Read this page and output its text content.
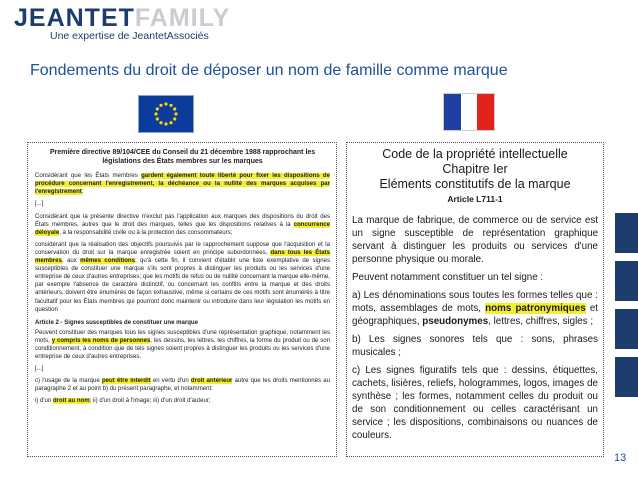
JEANTETFAMILY
Une expertise de JeantetAssociés
Fondements du droit de déposer un nom de famille comme marque
Première directive 89/104/CEE du Conseil du 21 décembre 1988 rapprochant les législations des États membres sur les marques

Considérant que les États membres gardent également toute liberté pour fixer les dispositions de procédure concernant l'enregistrement, la déchéance ou la nullité des marques acquises par l'enregistrement;

[...]

Considérant que la présente directive n'exclut pas l'application aux marques des dispositions du droit des États membres, autres que le droit des marques, telles que les dispositions relatives à la concurrence déloyale, à la responsabilité civile ou à la protection des consommateurs;

considérant que la réalisation des objectifs poursuivis par le rapprochement suppose que l'acquisition et la conservation du droit sur la marque enregistrée soient en principe subordonnées, dans tous les États membres, aux mêmes conditions; qu'à cette fin, il convient d'établir une liste exemplative de signes susceptibles de constituer une marque s'ils sont propres à distinguer les produits ou les services d'une entreprise de ceux d'autres entreprises; que les motifs de refus ou de nullité concernant la marque elle-même, par exemple l'absence de caractère distinctif, ou concernant les conflits entre la marque et des droits antérieurs, doivent être énumérés de façon exhaustive, même si certains de ces motifs sont énumérés à titre facultatif pour les États membres qui pourront donc maintenir ou introduire dans leur législation les motifs en question

Article 2 - Signes susceptibles de constituer une marque

Peuvent constituer des marques tous les signes susceptibles d'une représentation graphique, notamment les mots, y compris les noms de personnes, les dessins, les lettres, les chiffres, la forme du produit ou de son conditionnement, à condition que de tels signes soient propres à distinguer les produits ou les services d'une entreprise de ceux d'autres entreprises.

[...]

c) l'usage de la marque peut être interdit en vertu d'un droit antérieur autre que les droits mentionnés au paragraphe 2 et au point b) du présent paragraphe, et notamment:

i) d'un droit au nom; ii) d'un droit à l'image; iii) d'un droit d'auteur;

Code de la propriété intellectuelle
Chapitre Ier
Eléments constitutifs de la marque
Article L711-1

La marque de fabrique, de commerce ou de service est un signe susceptible de représentation graphique servant à distinguer les produits ou services d'une personne physique ou morale.

Peuvent notamment constituer un tel signe :

a) Les dénominations sous toutes les formes telles que : mots, assemblages de mots, noms patronymiques et géographiques, pseudonymes, lettres, chiffres, sigles ;

b) Les signes sonores tels que : sons, phrases musicales ;

c) Les signes figuratifs tels que : dessins, étiquettes, cachets, lisières, reliefs, hologrammes, logos, images de synthèse ; les formes, notamment celles du produit ou de son conditionnement ou celles caractérisant un service ; les dispositions, combinaisons ou nuances de couleurs.

13
